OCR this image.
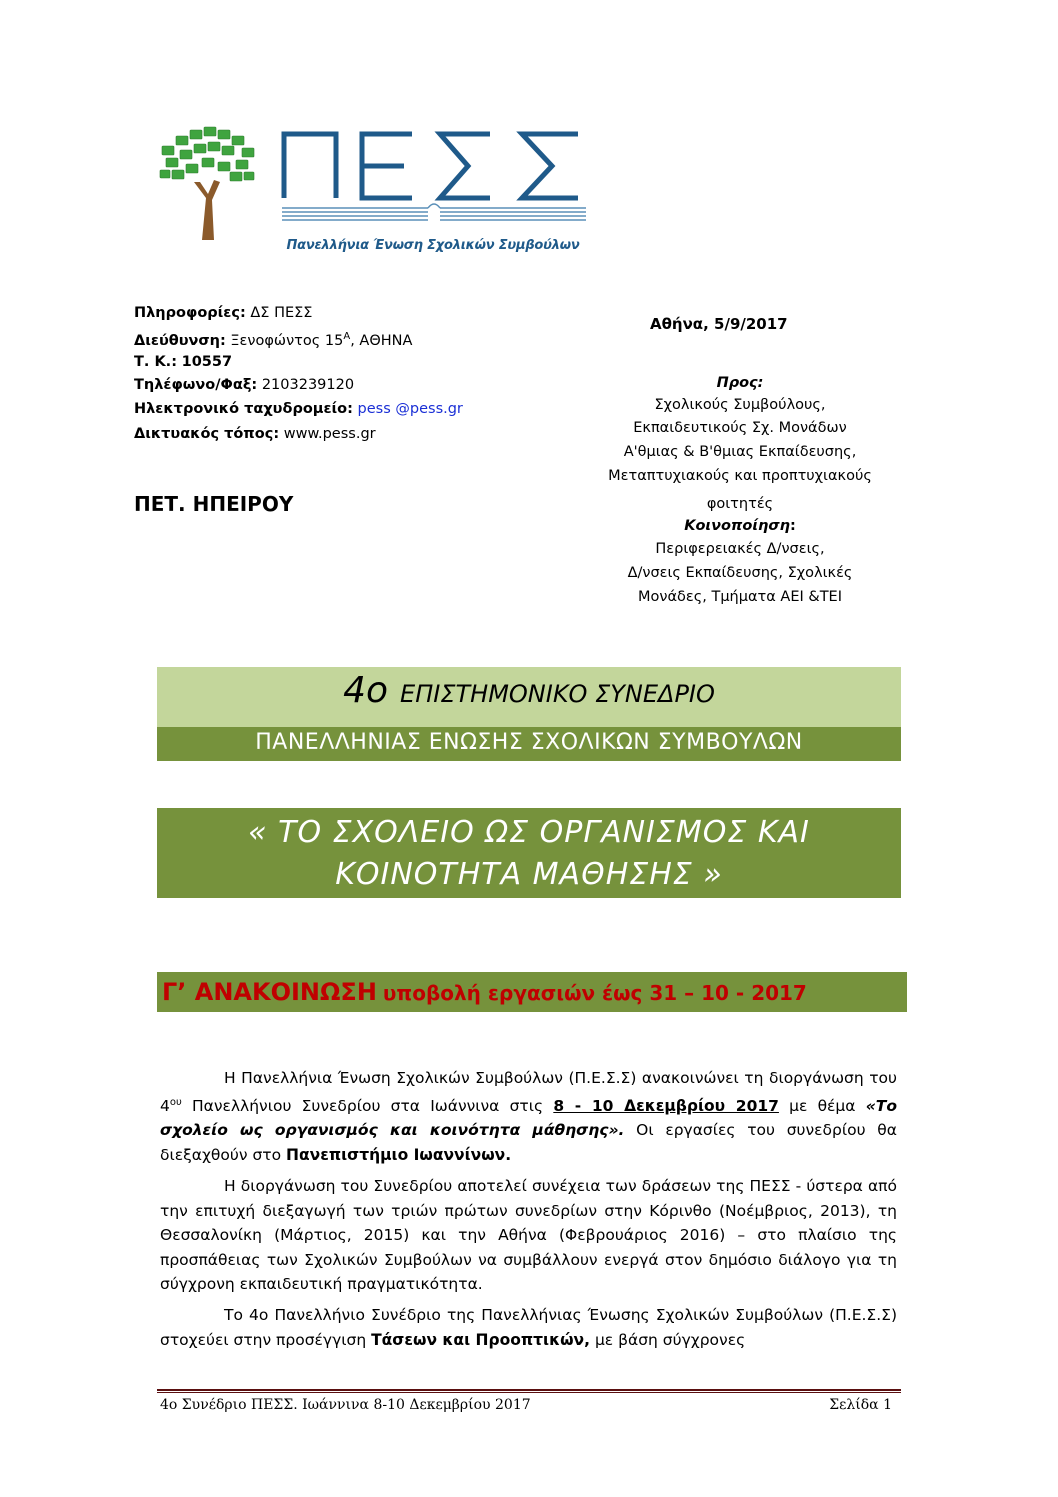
Πανελλήνια Ένωση Σχολικών Συμβούλων
Πληροφορίες: ΔΣ ΠΕΣΣ
Διεύθυνση: Ξενοφώντος $15^A$, ΑΘΗΝΑ
Τ. Κ.: 10557
Τηλέφωνο/Φαξ: 2103239120
Ηλεκτρονικό ταχυδρομείο: pess @pess.gr
Δικτυακός τόπος: www.pess.gr
ΠΕΤ. ΗΠΕΙΡΟΥ
Αθήνα, 5/9/2017
Προς:
Σχολικούς Συμβούλους,
Εκπαιδευτικούς Σχ. Μονάδων
Α'θμιας & Β'θμιας Εκπαίδευσης,
Μεταπτυχιακούς και προπτυχιακούς
φοιτητές
Κοινοποίηση:
Περιφερειακές Δ/νσεις,
Δ/νσεις Εκπαίδευσης, Σχολικές
Μονάδες, Τμήματα ΑΕΙ &ΤΕΙ
4ο ΕΠΙΣΤΗΜΟΝΙΚΟ ΣΥΝΕΔΡΙΟ
ΠΑΝΕΛΛΗΝΙΑΣ ΕΝΩΣΗΣ ΣΧΟΛΙΚΩΝ ΣΥΜΒΟΥΛΩΝ
« ΤΟ ΣΧΟΛΕΙΟ ΩΣ ΟΡΓΑΝΙΣΜΟΣ ΚΑΙ
ΚΟΙΝΟΤΗΤΑ ΜΑΘΗΣΗΣ »
Γ’ ΑΝΑΚΟΙΝΩΣΗ υποβολή εργασιών έως 31 – 10 - 2017
Η Πανελλήνια Ένωση Σχολικών Συμβούλων (Π.Ε.Σ.Σ) ανακοινώνει τη διοργάνωση του $4^{o\upsilon}$ Πανελλήνιου Συνεδρίου στα Ιωάννινα στις 8 - 10 Δεκεμβρίου 2017 με θέμα «Το σχολείο ως οργανισμός και κοινότητα μάθησης». Οι εργασίες του συνεδρίου θα διεξαχθούν στο Πανεπιστήμιο Ιωαννίνων.
Η διοργάνωση του Συνεδρίου αποτελεί συνέχεια των δράσεων της ΠΕΣΣ - ύστερα από την επιτυχή διεξαγωγή των τριών πρώτων συνεδρίων στην Κόρινθο (Νοέμβριος, 2013), τη Θεσσαλονίκη (Μάρτιος, 2015) και την Αθήνα (Φεβρουάριος 2016) – στο πλαίσιο της προσπάθειας των Σχολικών Συμβούλων να συμβάλλουν ενεργά στον δημόσιο διάλογο για τη σύγχρονη εκπαιδευτική πραγματικότητα.
Το 4ο Πανελλήνιο Συνέδριο της Πανελλήνιας Ένωσης Σχολικών Συμβούλων (Π.Ε.Σ.Σ) στοχεύει στην προσέγγιση Τάσεων και Προοπτικών, με βάση σύγχρονες
4ο Συνέδριο ΠΕΣΣ. Ιωάννινα 8-10 Δεκεμβρίου 2017	Σελίδα 1
